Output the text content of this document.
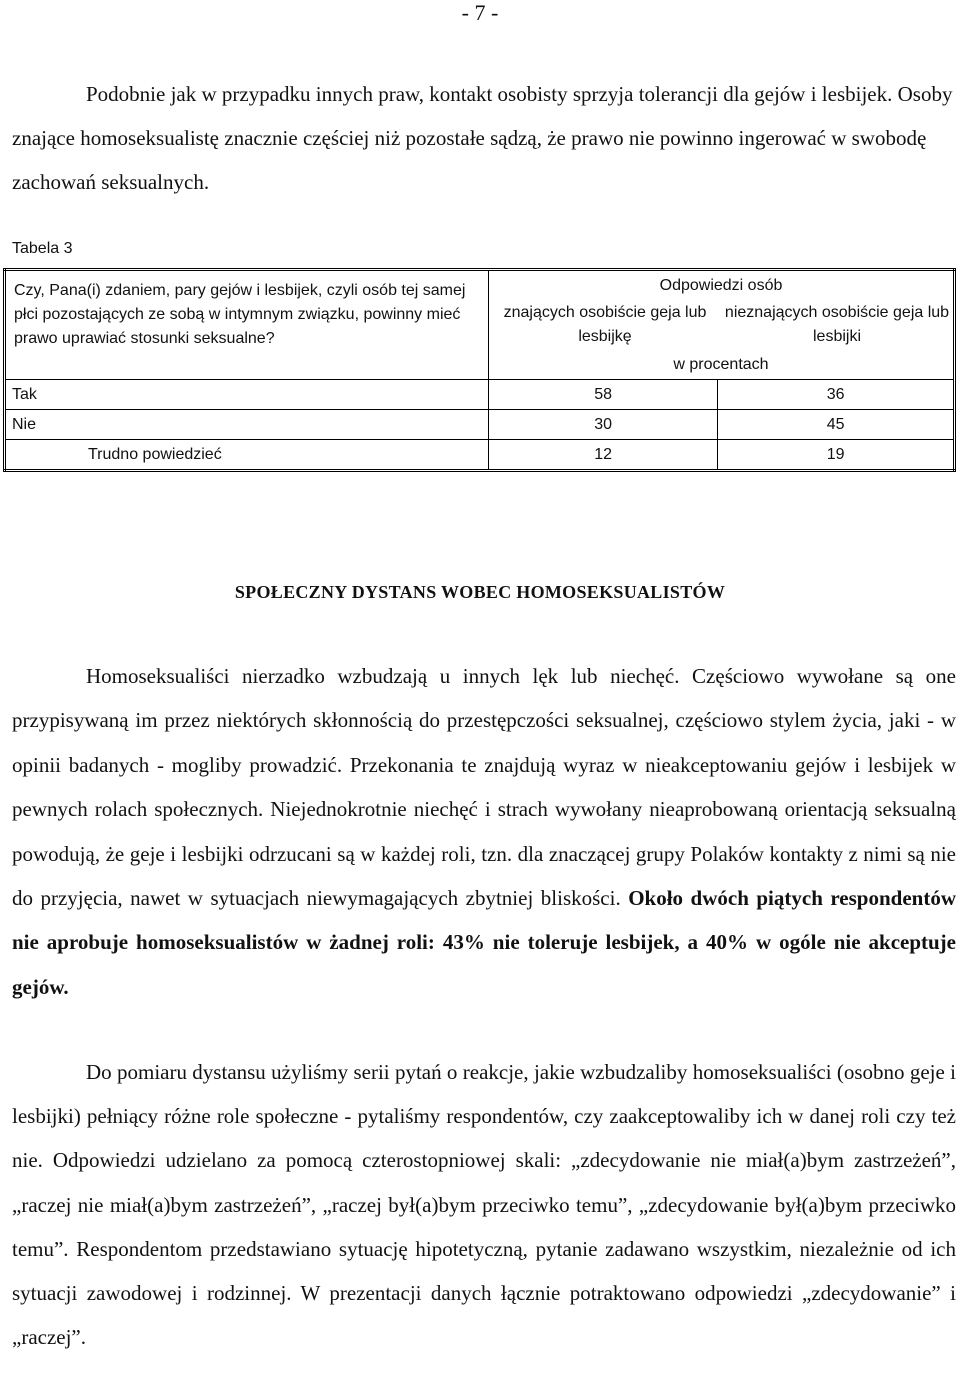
- 7 -

Podobnie jak w przypadku innych praw, kontakt osobisty sprzyja tolerancji dla gejów i lesbijek. Osoby znające homoseksualistę znacznie częściej niż pozostałe sądzą, że prawo nie powinno ingerować w swobodę zachowań seksualnych.

Tabela 3
Czy, Pana(i) zdaniem, pary gejów i lesbijek, czyli osób tej samej płci pozostających ze sobą w intymnym związku, powinny mieć prawo uprawiać stosunki seksualne?	Odpowiedzi osób
znających osobiście geja lub lesbijkę
nieznających osobiście geja lub lesbijki
w procentach	

Tak	58	36
Nie	30	45
Trudno powiedzieć	12	19
SPOŁECZNY DYSTANS WOBEC HOMOSEKSUALISTÓW

Homoseksualiści nierzadko wzbudzają u innych lęk lub niechęć. Częściowo wywołane są one przypisywaną im przez niektórych skłonnością do przestępczości seksualnej, częściowo stylem życia, jaki - w opinii badanych - mogliby prowadzić. Przekonania te znajdują wyraz w nieakceptowaniu gejów i lesbijek w pewnych rolach społecznych. Niejednokrotnie niechęć i strach wywołany nieaprobowaną orientacją seksualną powodują, że geje i lesbijki odrzucani są w każdej roli, tzn. dla znaczącej grupy Polaków kontakty z nimi są nie do przyjęcia, nawet w sytuacjach niewymagających zbytniej bliskości. Około dwóch piątych respondentów nie aprobuje homoseksualistów w żadnej roli: 43% nie toleruje lesbijek, a 40% w ogóle nie akceptuje gejów.

Do pomiaru dystansu użyliśmy serii pytań o reakcje, jakie wzbudzaliby homoseksualiści (osobno geje i lesbijki) pełniący różne role społeczne - pytaliśmy respondentów, czy zaakceptowaliby ich w danej roli czy też nie. Odpowiedzi udzielano za pomocą czterostopniowej skali: „zdecydowanie nie miał(a)bym zastrzeżeń”, „raczej nie miał(a)bym zastrzeżeń”, „raczej był(a)bym przeciwko temu”, „zdecydowanie był(a)bym przeciwko temu”. Respondentom przedstawiano sytuację hipotetyczną, pytanie zadawano wszystkim, niezależnie od ich sytuacji zawodowej i rodzinnej. W prezentacji danych łącznie potraktowano odpowiedzi „zdecydowanie” i „raczej”.
